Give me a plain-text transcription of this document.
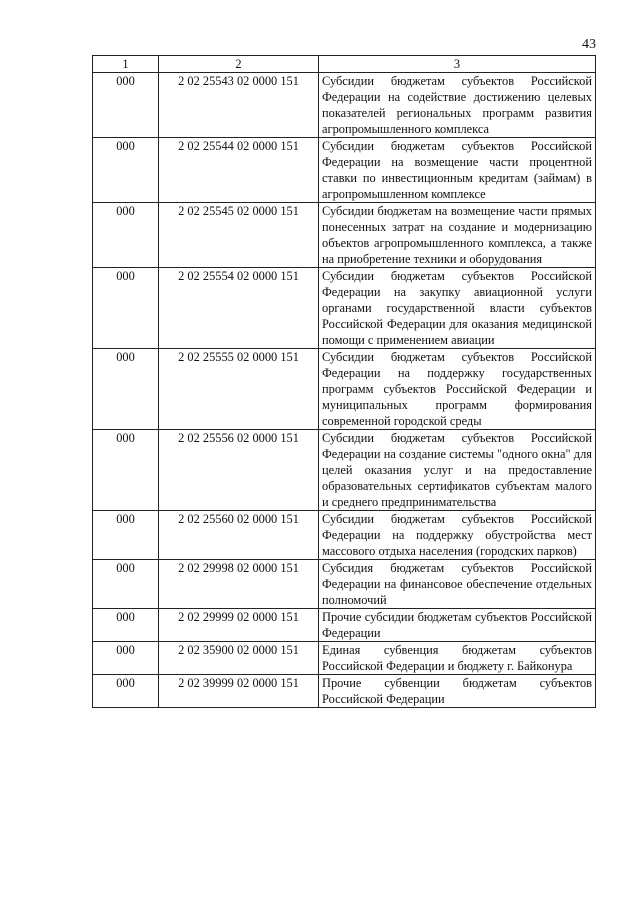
43
1	2	3
000	2 02 25543 02 0000 151	Субсидии бюджетам субъектов Российской Федерации на содействие достижению целевых показателей региональных программ развития агропромышленного комплекса
000	2 02 25544 02 0000 151	Субсидии бюджетам субъектов Российской Федерации на возмещение части процентной ставки по инвестиционным кредитам (займам) в агропромышленном комплексе
000	2 02 25545 02 0000 151	Субсидии бюджетам на возмещение части прямых понесенных затрат на создание и модернизацию объектов агропромышленного комплекса, а также на приобретение техники и оборудования
000	2 02 25554 02 0000 151	Субсидии бюджетам субъектов Российской Федерации на закупку авиационной услуги органами государственной власти субъектов Российской Федерации для оказания медицинской помощи с применением авиации
000	2 02 25555 02 0000 151	Субсидии бюджетам субъектов Российской Федерации на поддержку государственных программ субъектов Российской Федерации и муниципальных программ формирования современной городской среды
000	2 02 25556 02 0000 151	Субсидии бюджетам субъектов Российской Федерации на создание системы "одного окна" для целей оказания услуг и на предоставление образовательных сертификатов субъектам малого и среднего предпринимательства
000	2 02 25560 02 0000 151	Субсидии бюджетам субъектов Российской Федерации на поддержку обустройства мест массового отдыха населения (городских парков)
000	2 02 29998 02 0000 151	Субсидия бюджетам субъектов Российской Федерации на финансовое обеспечение отдельных полномочий
000	2 02 29999 02 0000 151	Прочие субсидии бюджетам субъектов Российской Федерации
000	2 02 35900 02 0000 151	Единая субвенция бюджетам субъектов Российской Федерации и бюджету г. Байконура
000	2 02 39999 02 0000 151	Прочие субвенции бюджетам субъектов Российской Федерации
